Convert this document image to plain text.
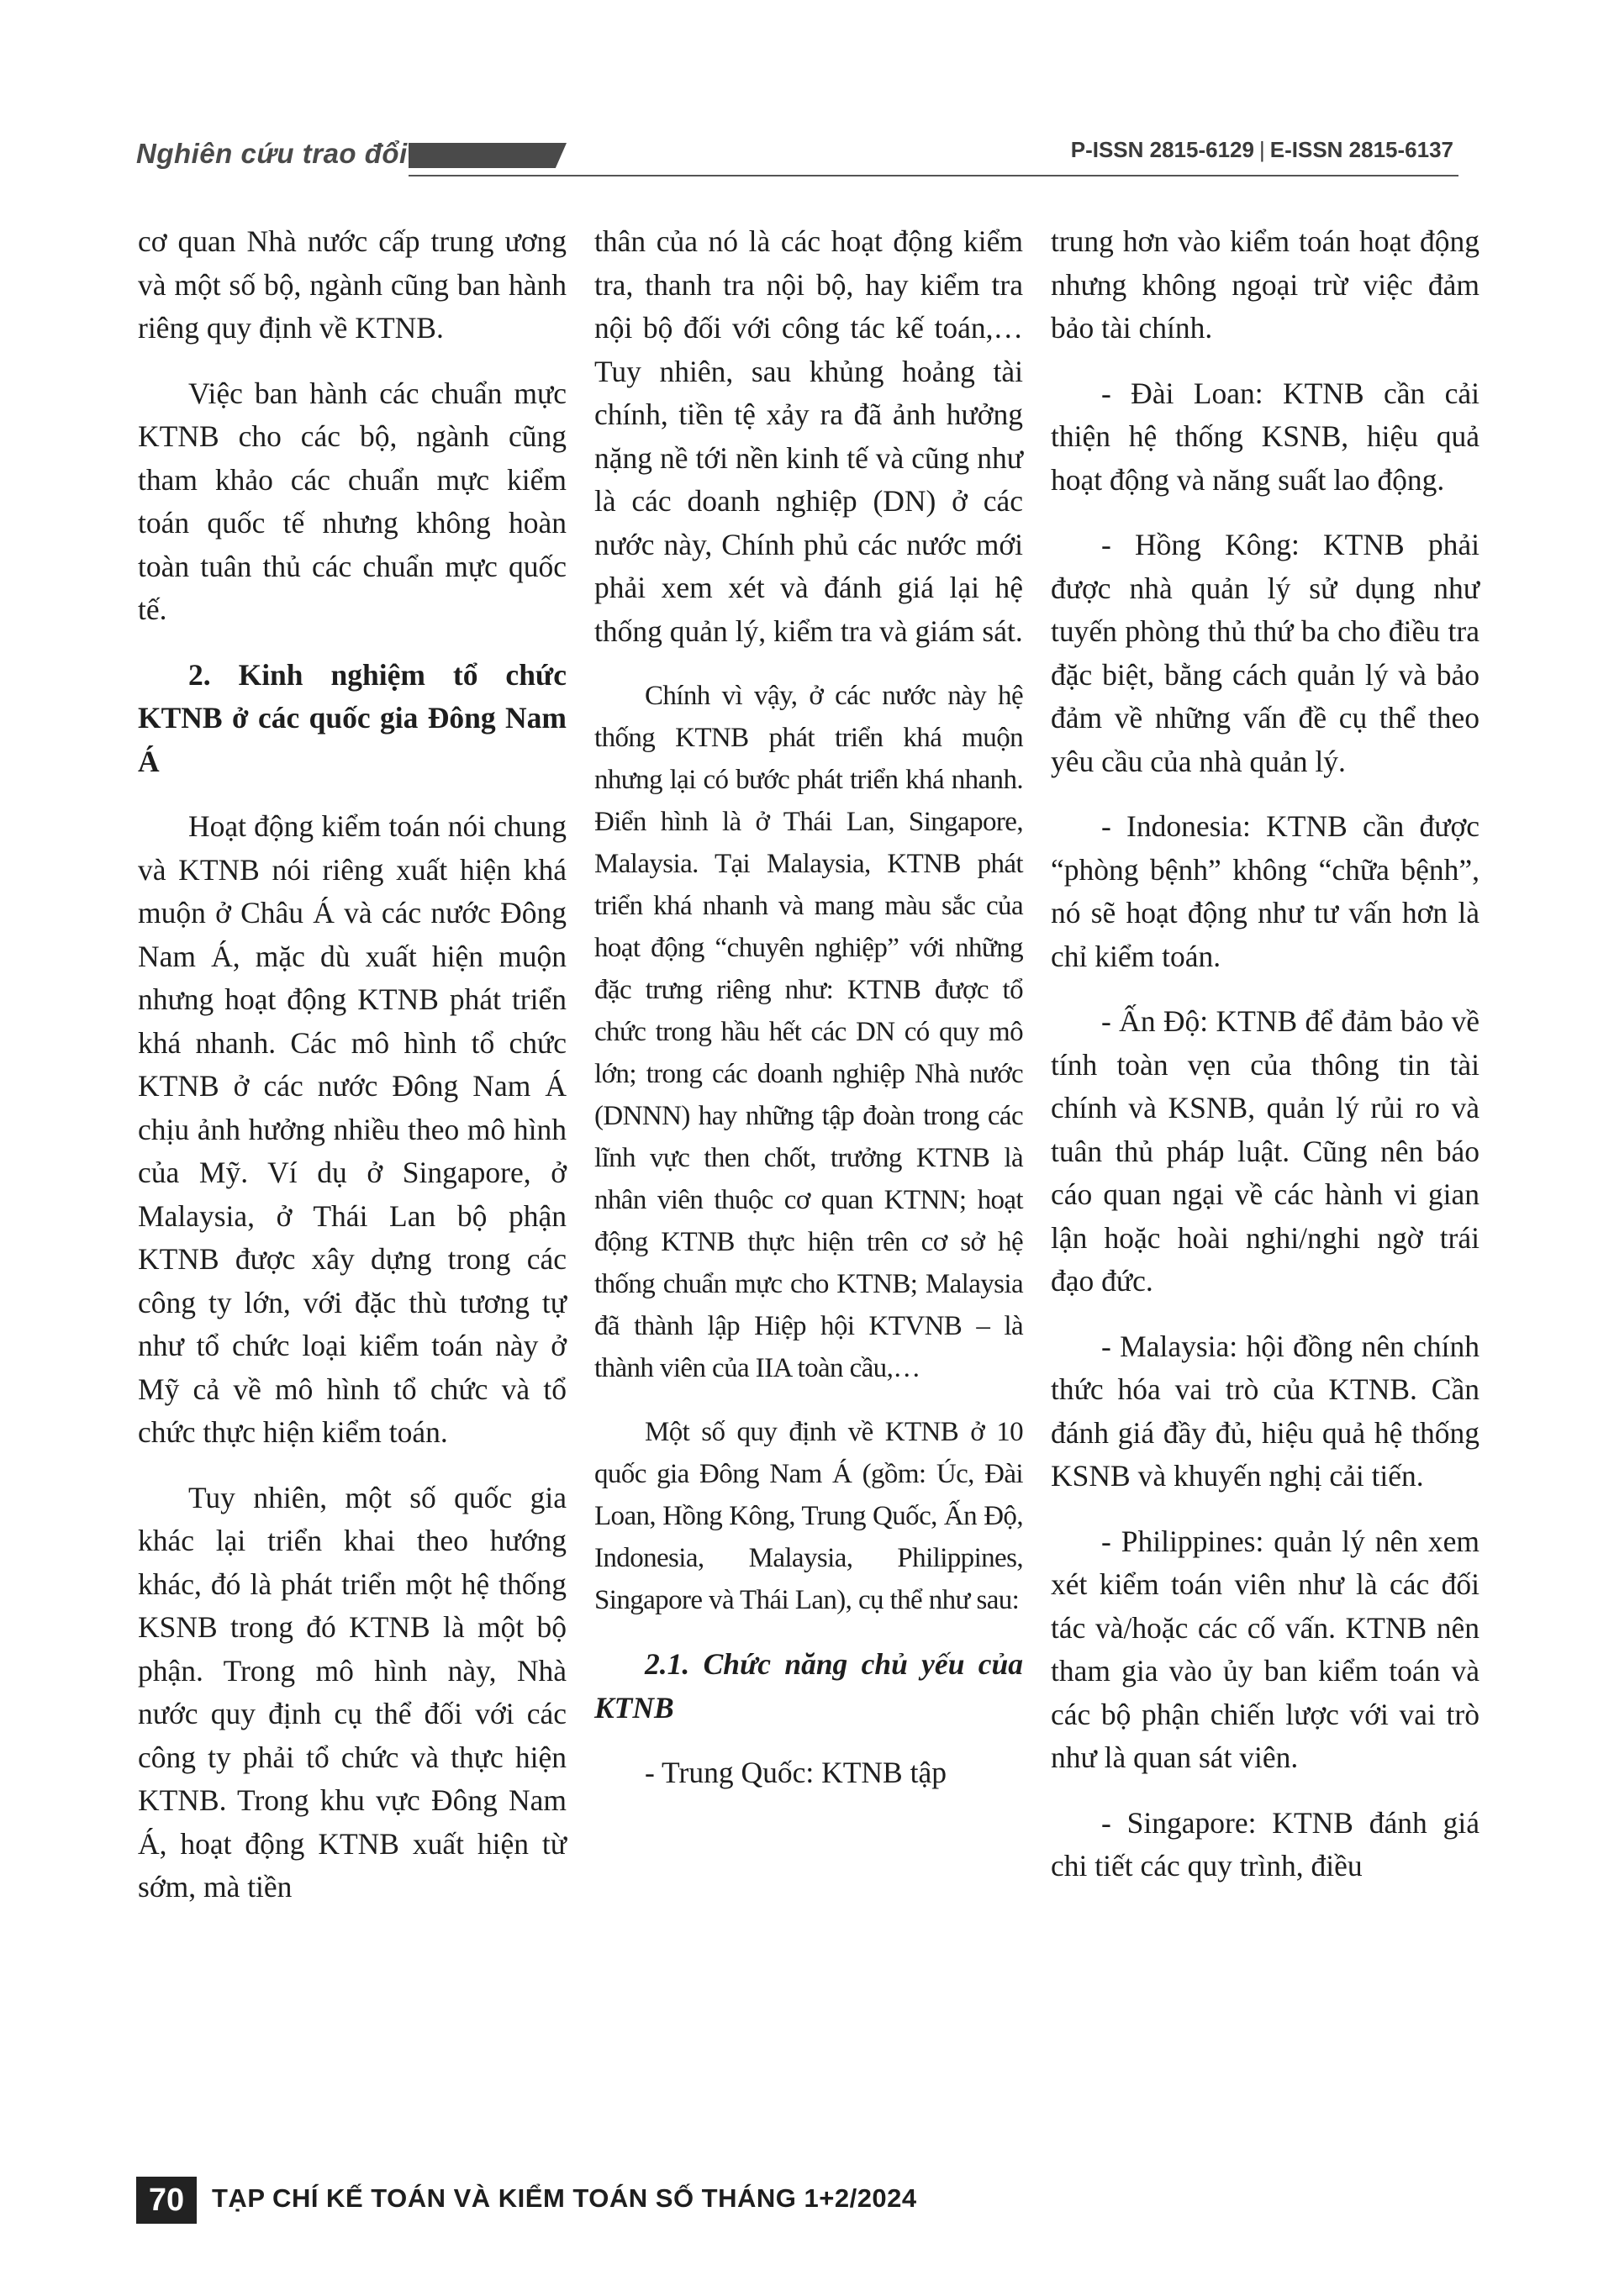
Nghiên cứu trao đổi	P-ISSN 2815-6129 | E-ISSN 2815-6137

cơ quan Nhà nước cấp trung ương và một số bộ, ngành cũng ban hành riêng quy định về KTNB.

Việc ban hành các chuẩn mực KTNB cho các bộ, ngành cũng tham khảo các chuẩn mực kiểm toán quốc tế nhưng không hoàn toàn tuân thủ các chuẩn mực quốc tế.

2. Kinh nghiệm tổ chức KTNB ở các quốc gia Đông Nam Á

Hoạt động kiểm toán nói chung và KTNB nói riêng xuất hiện khá muộn ở Châu Á và các nước Đông Nam Á, mặc dù xuất hiện muộn nhưng hoạt động KTNB phát triển khá nhanh. Các mô hình tổ chức KTNB ở các nước Đông Nam Á chịu ảnh hưởng nhiều theo mô hình của Mỹ. Ví dụ ở Singapore, ở Malaysia, ở Thái Lan bộ phận KTNB được xây dựng trong các công ty lớn, với đặc thù tương tự như tổ chức loại kiểm toán này ở Mỹ cả về mô hình tổ chức và tổ chức thực hiện kiểm toán.

Tuy nhiên, một số quốc gia khác lại triển khai theo hướng khác, đó là phát triển một hệ thống KSNB trong đó KTNB là một bộ phận. Trong mô hình này, Nhà nước quy định cụ thể đối với các công ty phải tổ chức và thực hiện KTNB. Trong khu vực Đông Nam Á, hoạt động KTNB xuất hiện từ sớm, mà tiền

thân của nó là các hoạt động kiểm tra, thanh tra nội bộ, hay kiểm tra nội bộ đối với công tác kế toán,… Tuy nhiên, sau khủng hoảng tài chính, tiền tệ xảy ra đã ảnh hưởng nặng nề tới nền kinh tế và cũng như là các doanh nghiệp (DN) ở các nước này, Chính phủ các nước mới phải xem xét và đánh giá lại hệ thống quản lý, kiểm tra và giám sát.

Chính vì vậy, ở các nước này hệ thống KTNB phát triển khá muộn nhưng lại có bước phát triển khá nhanh. Điển hình là ở Thái Lan, Singapore, Malaysia. Tại Malaysia, KTNB phát triển khá nhanh và mang màu sắc của hoạt động “chuyên nghiệp” với những đặc trưng riêng như: KTNB được tổ chức trong hầu hết các DN có quy mô lớn; trong các doanh nghiệp Nhà nước (DNNN) hay những tập đoàn trong các lĩnh vực then chốt, trưởng KTNB là nhân viên thuộc cơ quan KTNN; hoạt động KTNB thực hiện trên cơ sở hệ thống chuẩn mực cho KTNB; Malaysia đã thành lập Hiệp hội KTVNB – là thành viên của IIA toàn cầu,…

Một số quy định về KTNB ở 10 quốc gia Đông Nam Á (gồm: Úc, Đài Loan, Hồng Kông, Trung Quốc, Ấn Độ, Indonesia, Malaysia, Philippines, Singapore và Thái Lan), cụ thể như sau:

2.1. Chức năng chủ yếu của KTNB

- Trung Quốc: KTNB tập

trung hơn vào kiểm toán hoạt động nhưng không ngoại trừ việc đảm bảo tài chính.

- Đài Loan: KTNB cần cải thiện hệ thống KSNB, hiệu quả hoạt động và năng suất lao động.

- Hồng Kông: KTNB phải được nhà quản lý sử dụng như tuyến phòng thủ thứ ba cho điều tra đặc biệt, bằng cách quản lý và bảo đảm về những vấn đề cụ thể theo yêu cầu của nhà quản lý.

- Indonesia: KTNB cần được “phòng bệnh” không “chữa bệnh”, nó sẽ hoạt động như tư vấn hơn là chỉ kiểm toán.

- Ấn Độ: KTNB để đảm bảo về tính toàn vẹn của thông tin tài chính và KSNB, quản lý rủi ro và tuân thủ pháp luật. Cũng nên báo cáo quan ngại về các hành vi gian lận hoặc hoài nghi/nghi ngờ trái đạo đức.

- Malaysia: hội đồng nên chính thức hóa vai trò của KTNB. Cần đánh giá đầy đủ, hiệu quả hệ thống KSNB và khuyến nghị cải tiến.

- Philippines: quản lý nên xem xét kiểm toán viên như là các đối tác và/hoặc các cố vấn. KTNB nên tham gia vào ủy ban kiểm toán và các bộ phận chiến lược với vai trò như là quan sát viên.

- Singapore: KTNB đánh giá chi tiết các quy trình, điều

70	TẠP CHÍ KẾ TOÁN VÀ KIỂM TOÁN SỐ THÁNG 1+2/2024
